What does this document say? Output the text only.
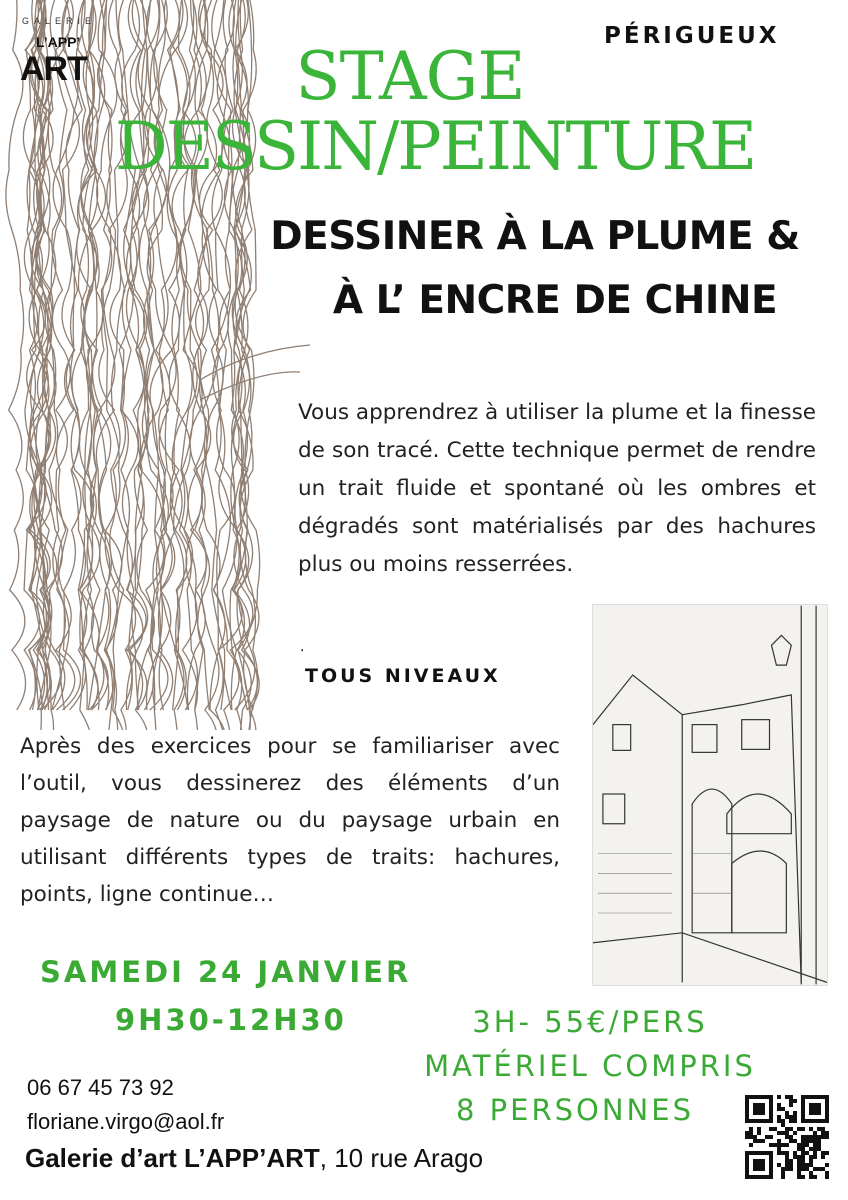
GALERIE
L’APP’
ART
PÉRIGUEUX
STAGE
DESSIN/PEINTURE
DESSINER À LA PLUME &
À L’ ENCRE DE CHINE
Vous apprendrez à utiliser la plume et la finesse de son tracé. Cette technique permet de rendre un trait fluide et spontané où les ombres et dégradés sont matérialisés par des hachures plus ou moins resserrées.
.
TOUS NIVEAUX
Après des exercices pour se familiariser avec l’outil, vous dessinerez des éléments d’un paysage de nature ou du paysage urbain en utilisant différents types de traits: hachures, points, ligne continue…
SAMEDI 24 JANVIER
9H30-12H30	3H- 55€/PERS
MATÉRIEL COMPRIS
8 PERSONNES
06 67 45 73 92
floriane.virgo@aol.fr
Galerie d’art L’APP’ART, 10 rue Arago
